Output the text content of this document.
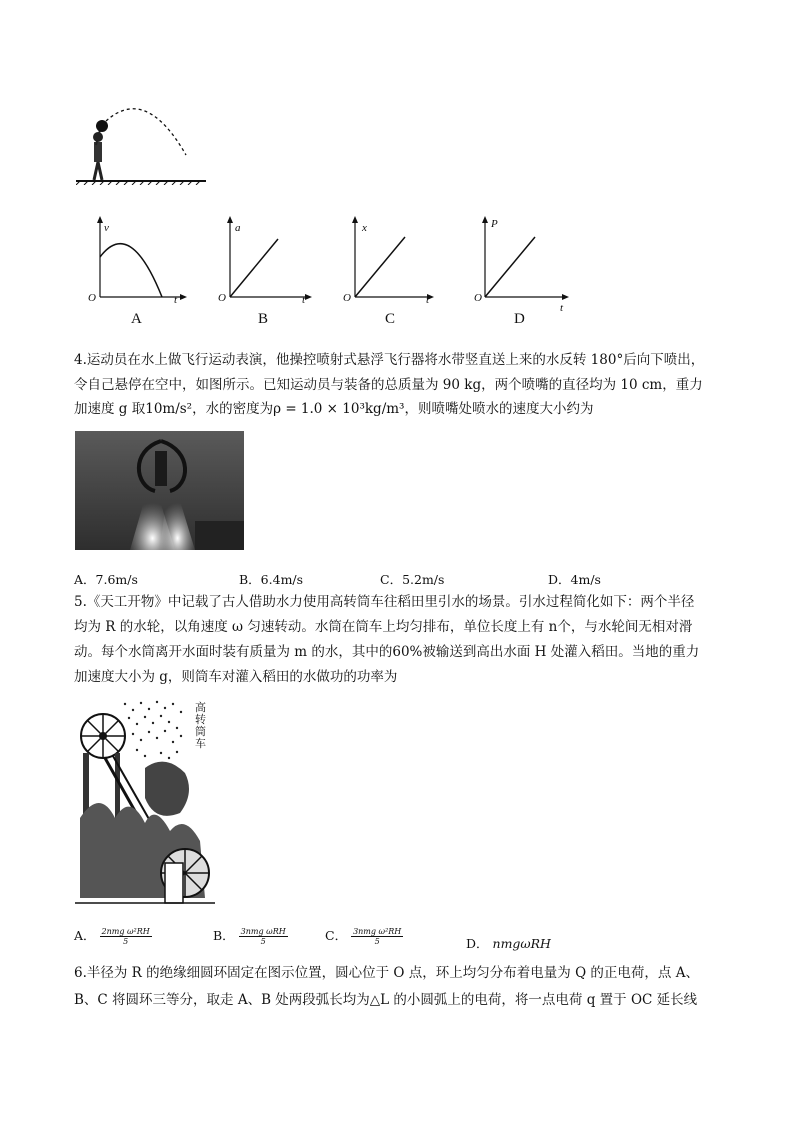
v
O	t
A
a
O	t
B
x
O	t
C
P
O
t
D
4.运动员在水上做飞行运动表演，他操控喷射式悬浮飞行器将水带竖直送上来的水反转 180°后向下喷出，
令自己悬停在空中，如图所示。已知运动员与装备的总质量为 90 kg，两个喷嘴的直径均为 10 cm，重力
加速度 g 取10m/s²，水的密度为ρ = 1.0 × 10³kg/m³，则喷嘴处喷水的速度大小约为
A．7.6m/s	B．6.4m/s	C．5.2m/s	D．4m/s
5.《天工开物》中记载了古人借助水力使用高转筒车往稻田里引水的场景。引水过程简化如下：两个半径
均为 R 的水轮，以角速度 ω 匀速转动。水筒在筒车上均匀排布，单位长度上有 n个，与水轮间无相对滑
动。每个水筒离开水面时装有质量为 m 的水，其中的60%被输送到高出水面 H 处灌入稻田。当地的重力
加速度大小为 g，则筒车对灌入稻田的水做功的功率为
高转筒车
A． $\frac{\text{2nmg ω²RH}}{5}$	B． $\frac{\text{3nmg ωRH}}{5}$	C． $\frac{\text{3nmg ω²RH}}{5}$	D． nmgωRH
6.半径为 R 的绝缘细圆环固定在图示位置，圆心位于 O 点，环上均匀分布着电量为 Q 的正电荷，点 A、
B、C 将圆环三等分，取走 A、B 处两段弧长均为△L 的小圆弧上的电荷，将一点电荷 q 置于 OC 延长线
